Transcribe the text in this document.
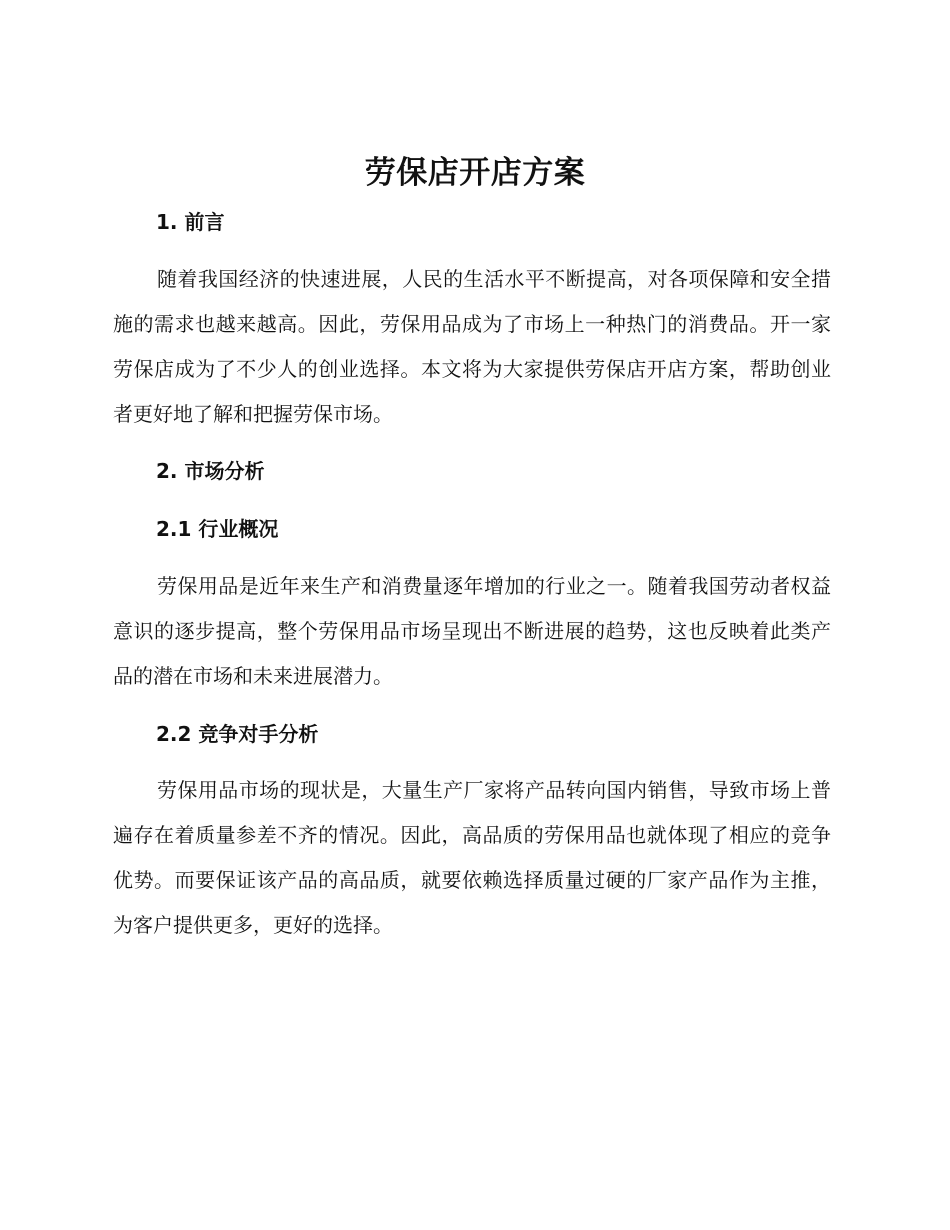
劳保店开店方案
1. 前言

随着我国经济的快速进展，人民的生活水平不断提高，对各项保障和安全措施的需求也越来越高。因此，劳保用品成为了市场上一种热门的消费品。开一家劳保店成为了不少人的创业选择。本文将为大家提供劳保店开店方案，帮助创业者更好地了解和把握劳保市场。

2. 市场分析
2.1 行业概况

劳保用品是近年来生产和消费量逐年增加的行业之一。随着我国劳动者权益意识的逐步提高，整个劳保用品市场呈现出不断进展的趋势，这也反映着此类产品的潜在市场和未来进展潜力。

2.2 竞争对手分析

劳保用品市场的现状是，大量生产厂家将产品转向国内销售，导致市场上普遍存在着质量参差不齐的情况。因此，高品质的劳保用品也就体现了相应的竞争优势。而要保证该产品的高品质，就要依赖选择质量过硬的厂家产品作为主推，为客户提供更多，更好的选择。
